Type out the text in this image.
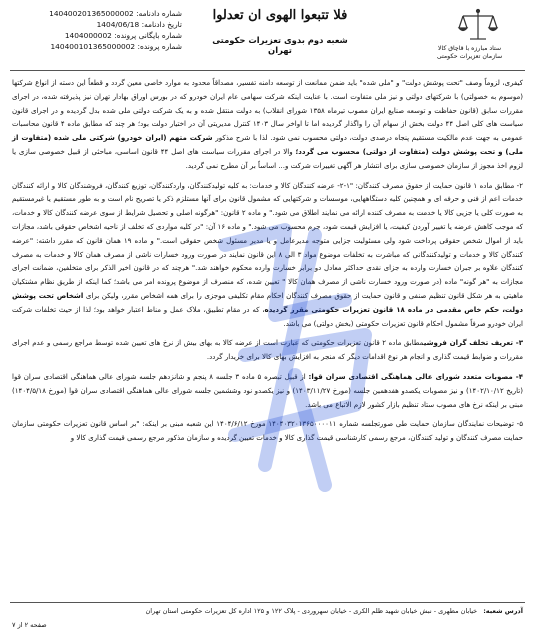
شماره دادنامه: 140400201365000002
تاریخ دادنامه: 1404/06/18
شماره بایگانی پرونده: 1404000002
شماره پرونده: 140400101365000002
فلا تتبعوا الهوی ان تعدلوا
شعبه دوم بدوی تعزیرات حکومتی تهران	ستاد مبارزه با قاچاق کالا
سازمان تعزیرات حکومتی

کیفری، لزوماً وصف "تحت پوشش دولت" و "ملی شده" باید ضمن ممانعت از توسعه دامنه تفسیر، مصداقاً محدود به موارد خاصی معین گردد و قطعاً این دسته از انواع شرکتها (موسوم به خصولتی) با شرکتهای دولتی و نیز ملی متفاوت است. با عنایت اینکه شرکت سهامی عام ایران خودرو که در بورس اوراق بهادار تهران نیز پذیرفته شده، در اجرای مقررات سابق (قانون حفاظت و توسعه صنایع ایران مصوب تیرماه ۱۳۵۸ شورای انقلاب) به دولت منتقل شده و به یک شرکت دولتی ملی شده بدل گردیده و در اجرای قانون سیاست های کلی اصل ۴۴ دولت بخش از سهام آن را واگذار گردیده اما تا اواخر سال ۱۴۰۳ کنترل مدیریتی آن در اختیار دولت بود؛ هر چند که مطابق ماده ۴ قانون محاسبات عمومی به جهت عدم مالکیت مستقیم پنجاه درصدی دولت، دولتی محسوب نمی شود. لذا با شرح مذکور شرکت متهم (ایران خودرو) شرکتی ملی شده (متفاوت از ملی) و تحت پوشش دولت (متفاوت از دولتی) محسوب می گردد؛ والا در اجرای مقررات سیاست های اصل ۴۴ قانون اساسی، مباحثی از قبیل خصوصی سازی یا لزوم اخذ مجوز از سازمان خصوصی سازی برای انتشار هر آگهی تغییرات شرکت و... اساساً بر آن مطرح نمی گردید.

۲- مطابق ماده ۱ قانون حمایت از حقوق مصرف کنندگان: "۱-۲- عرضه کنندگان کالا و خدمات: به کلیه تولیدکنندگان، واردکنندگان، توزیع کنندگان، فروشندگان کالا و ارائه کنندگان خدمات اعم از فنی و حرفه ای و همچنین کلیه دستگاههایی، موسسات و شرکتهایی که مشمول قانون برای آنها مستلزم ذکر یا تصریح نام است و به طور مستقیم یا غیرمستقیم به صورت کلی یا جزیی کالا یا خدمت به مصرف کننده ارائه می نمایند اطلاق می شود." و ماده ۲ قانون: "هرگونه اصلی و تحصیل شرایط از سوی عرضه کنندگان کالا و خدمات، که موجب کاهش عرضه یا تغییر آوردن کیفیت، یا افزایش قیمت شود، جرم محسوب می شود." و ماده ۱۶ آن: "در کلیه مواردی که تخلف از ناحیه اشخاص حقوقی باشد، مجازات باید از اموال شخص حقوقی پرداخت شود ولی مسئولیت جزایی متوجه مدیرعامل و یا مدیر مسئول شخص حقوقی است." و ماده ۱۹ همان قانون که مقرر داشته: "عرضه کنندگان کالا و خدمات و تولیدکنندگانی که مباشرت به تخلفات موضوع مواد ۳ الی ۸ این قانون نمایند در صورت ورود خسارات ناشی از مصرف همان کالا و خدمات به مصرف کنندگان علاوه بر جبران خسارت وارده به جزای نقدی حداکثر معادل دو برابر خسارت وارده محکوم خواهند شد." هرچند که در قانون اخیر الذکر برای متخلفین، ضمانت اجرای مجازات به "هر گونه" ماده (در صورت ورود خسارت ناشی از مصرف همان کالا " تعیین شده، که منصرف از موضوع پرونده امر می باشد؛ کما اینکه از طریق نظام مشتکیان ماهیتی به هر شکل قانون تنظیم صنفی و قانون حمایت از حقوق مصرف کنندگان احکام مقام تکلیفی موجزی را برای همه اشخاص مقرر، ولیکن برای اشخاص تحت پوشش دولت، حکم خاص مقدمی در ماده ۱۸ قانون تعزیرات حکومتی مقرر گردیده، که در مقام تطبیق، ملاک عمل و مناط اعتبار خواهد بود؛ لذا از حیث تخلفات شرکت ایران خودرو صرفاً مشمول احکام قانون تعزیرات حکومتی (بخش دولتی) می باشد.

۳- تعریف تخلف گران فروشیمطابق ماده ۲ قانون تعزیرات حکومتی که عبارت است از عرضه کالا به بهای بیش از نرخ های تعیین شده توسط مراجع رسمی و عدم اجرای مقررات و ضوابط قیمت گذاری و انجام هر نوع اقدامات دیگر که منجر به افزایش بهای کالا برای خریدار گردد.

۴- مصوبات متعدد شورای عالی هماهنگی اقتصادی سران قوا: از قبیل تبصره ۵ ماده ۳ جلسه ۸ پنجم و شانزدهم جلسه شورای عالی هماهنگی اقتصادی سران قوا (تاریخ ۱۴۰۲/۱۰/۱۲) و نیز مصوبات یکصدو هفدهمین جلسه (مورخ ۱۴۰۳/۱۱/۲۷) و نیز یکصدو نود وششمین جلسه شورای عالی هماهنگی اقتصادی سران قوا (مورخ ۱۴۰۴/۵/۱۸) مبنی بر اینکه نرخ های مصوب ستاد تنظیم بازار کشور لازم الاتباع می باشد.

۵- توضیحات نمایندگان سازمان حمایت طی صورتجلسه شماره ۱۴۰۴۰۳۲۰۱۳۶۵۰۰۰۰۱۱ مورخ ۱۴۰۴/۶/۱۲ این شعبه مبنی بر اینکه: "بر اساس قانون تعزیرات حکومتی سازمان حمایت مصرف کنندگان و تولید کنندگان، مرجع رسمی کارشناسی قیمت گذاری کالا و خدمات تعیین گردیده و سازمان مذکور مرجع رسمی قیمت گذاری کالا و

آدرس شعبه:خیابان مطهری - نبش خیابان شهید ظلم الکری - خیابان سهروردی - پلاک ۱۲۲ و ۱۲۵ اداره کل تعزیرات حکومتی استان تهران
صفحه ۲ از ۷
